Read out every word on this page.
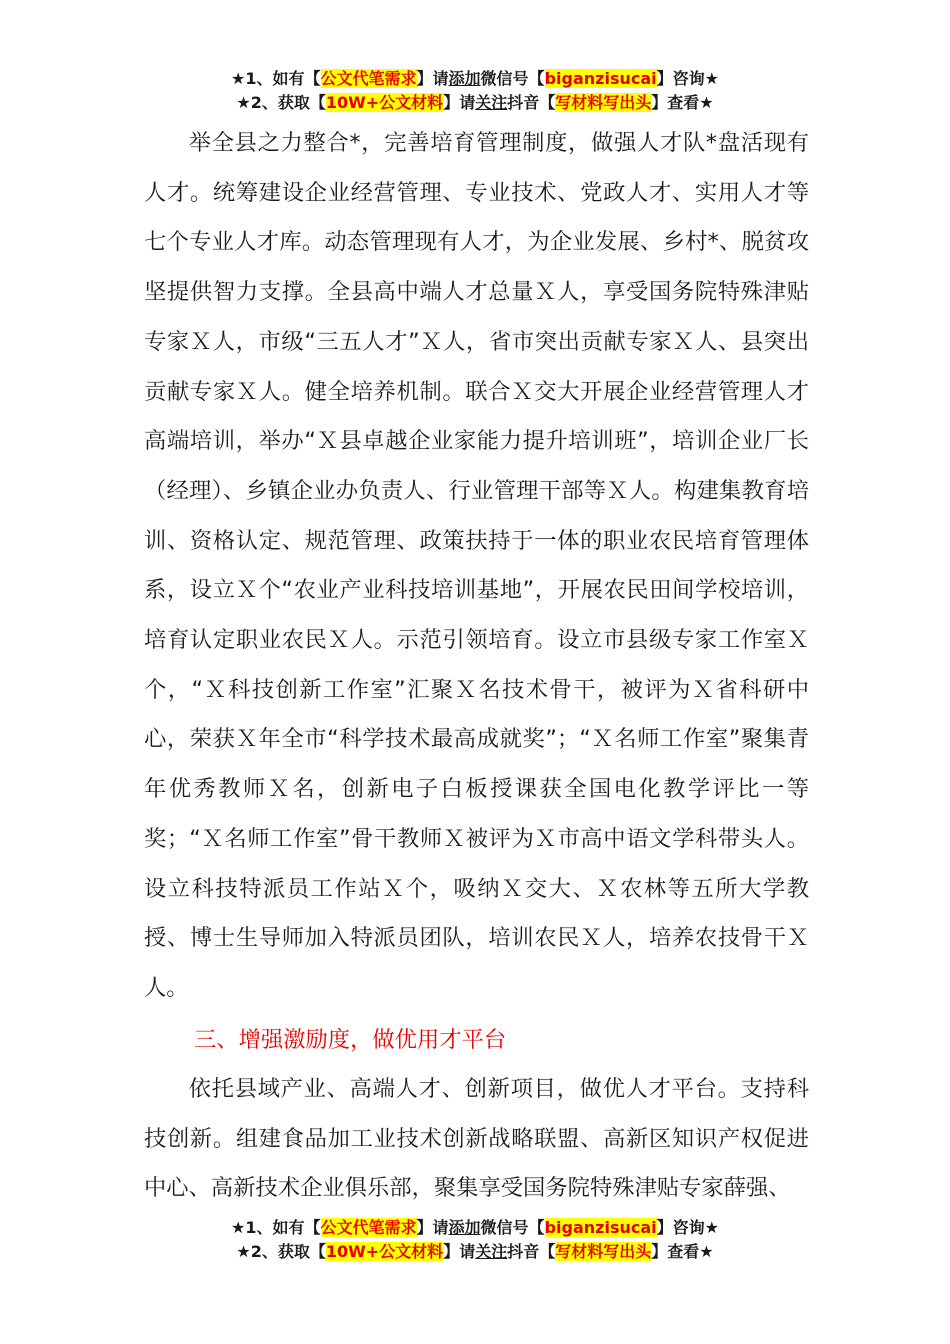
★1、如有【公文代笔需求】请添加微信号【biganzisucai】咨询★
★2、获取【10W+公文材料】请关注抖音【写材料写出头】查看★

举全县之力整合*，完善培育管理制度，做强人才队*盘活现有人才。统筹建设企业经营管理、专业技术、党政人才、实用人才等七个专业人才库。动态管理现有人才，为企业发展、乡村*、脱贫攻坚提供智力支撑。全县高中端人才总量Ｘ人，享受国务院特殊津贴专家Ｘ人，市级“三五人才”Ｘ人，省市突出贡献专家Ｘ人、县突出贡献专家Ｘ人。健全培养机制。联合Ｘ交大开展企业经营管理人才高端培训，举办“Ｘ县卓越企业家能力提升培训班”，培训企业厂长（经理）、乡镇企业办负责人、行业管理干部等Ｘ人。构建集教育培训、资格认定、规范管理、政策扶持于一体的职业农民培育管理体系，设立Ｘ个“农业产业科技培训基地”，开展农民田间学校培训，培育认定职业农民Ｘ人。示范引领培育。设立市县级专家工作室Ｘ个，“Ｘ科技创新工作室”汇聚Ｘ名技术骨干，被评为Ｘ省科研中心，荣获Ｘ年全市“科学技术最高成就奖”；“Ｘ名师工作室”聚集青年优秀教师Ｘ名，创新电子白板授课获全国电化教学评比一等奖；“Ｘ名师工作室”骨干教师Ｘ被评为Ｘ市高中语文学科带头人。设立科技特派员工作站Ｘ个，吸纳Ｘ交大、Ｘ农林等五所大学教授、博士生导师加入特派员团队，培训农民Ｘ人，培养农技骨干Ｘ人。

三、增强激励度，做优用才平台

依托县域产业、高端人才、创新项目，做优人才平台。支持科技创新。组建食品加工业技术创新战略联盟、高新区知识产权促进中心、高新技术企业俱乐部，聚集享受国务院特殊津贴专家薛强、

★1、如有【公文代笔需求】请添加微信号【biganzisucai】咨询★
★2、获取【10W+公文材料】请关注抖音【写材料写出头】查看★
